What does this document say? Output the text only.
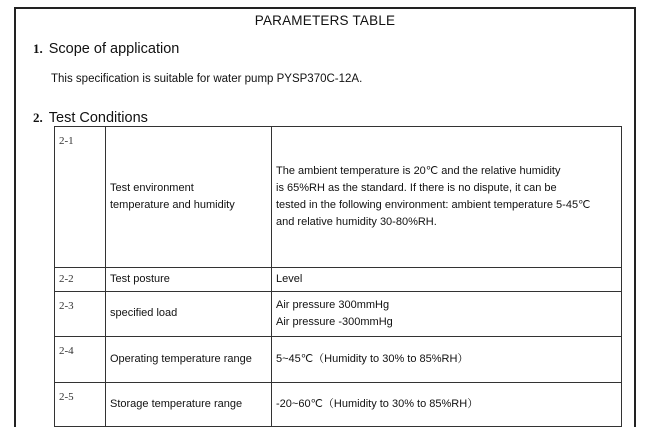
PARAMETERS TABLE
1. Scope of application
This specification is suitable for water pump PYSP370C-12A.
2. Test Conditions
2-1	Test environment
temperature and humidity	The ambient temperature is 20℃ and the relative humidity
is 65%RH as the standard. If there is no dispute, it can be
tested in the following environment: ambient temperature 5-45℃
and relative humidity 30-80%RH.

2-2	Test posture	Level

2-3	specified load	Air pressure 300mmHg
Air pressure -300mmHg

2-4	Operating temperature range	5~45℃（Humidity to 30% to 85%RH）

2-5	Storage temperature range	-20~60℃（Humidity to 30% to 85%RH）
